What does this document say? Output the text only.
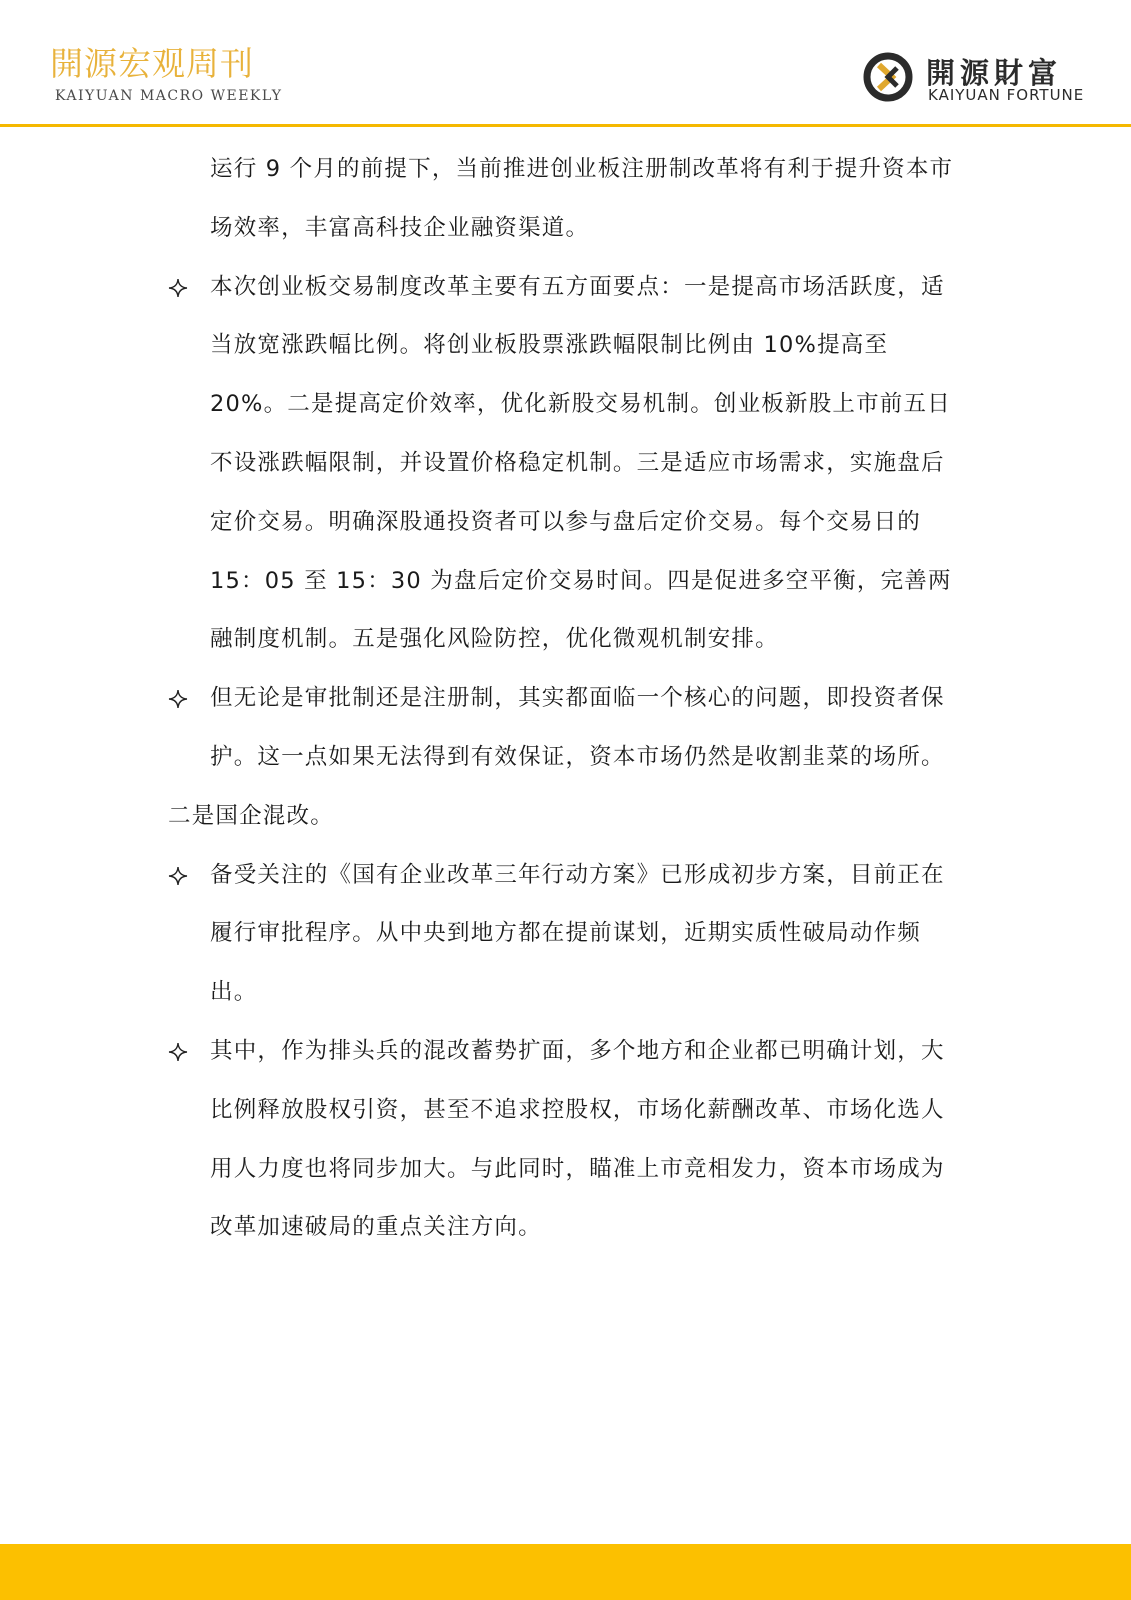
開源宏观周刊
KAIYUAN MACRO WEEKLY
開源財富
KAIYUAN FORTUNE
运行 9 个月的前提下，当前推进创业板注册制改革将有利于提升资本市场效率，丰富高科技企业融资渠道。
本次创业板交易制度改革主要有五方面要点：一是提高市场活跃度，适当放宽涨跌幅比例。将创业板股票涨跌幅限制比例由 10%提高至 20%。二是提高定价效率，优化新股交易机制。创业板新股上市前五日不设涨跌幅限制，并设置价格稳定机制。三是适应市场需求，实施盘后定价交易。明确深股通投资者可以参与盘后定价交易。每个交易日的 15：05 至 15：30 为盘后定价交易时间。四是促进多空平衡，完善两融制度机制。五是强化风险防控，优化微观机制安排。
但无论是审批制还是注册制，其实都面临一个核心的问题，即投资者保护。这一点如果无法得到有效保证，资本市场仍然是收割韭菜的场所。
二是国企混改。
备受关注的《国有企业改革三年行动方案》已形成初步方案，目前正在履行审批程序。从中央到地方都在提前谋划，近期实质性破局动作频出。
其中，作为排头兵的混改蓄势扩面，多个地方和企业都已明确计划，大比例释放股权引资，甚至不追求控股权，市场化薪酬改革、市场化选人用人力度也将同步加大。与此同时，瞄准上市竞相发力，资本市场成为改革加速破局的重点关注方向。
